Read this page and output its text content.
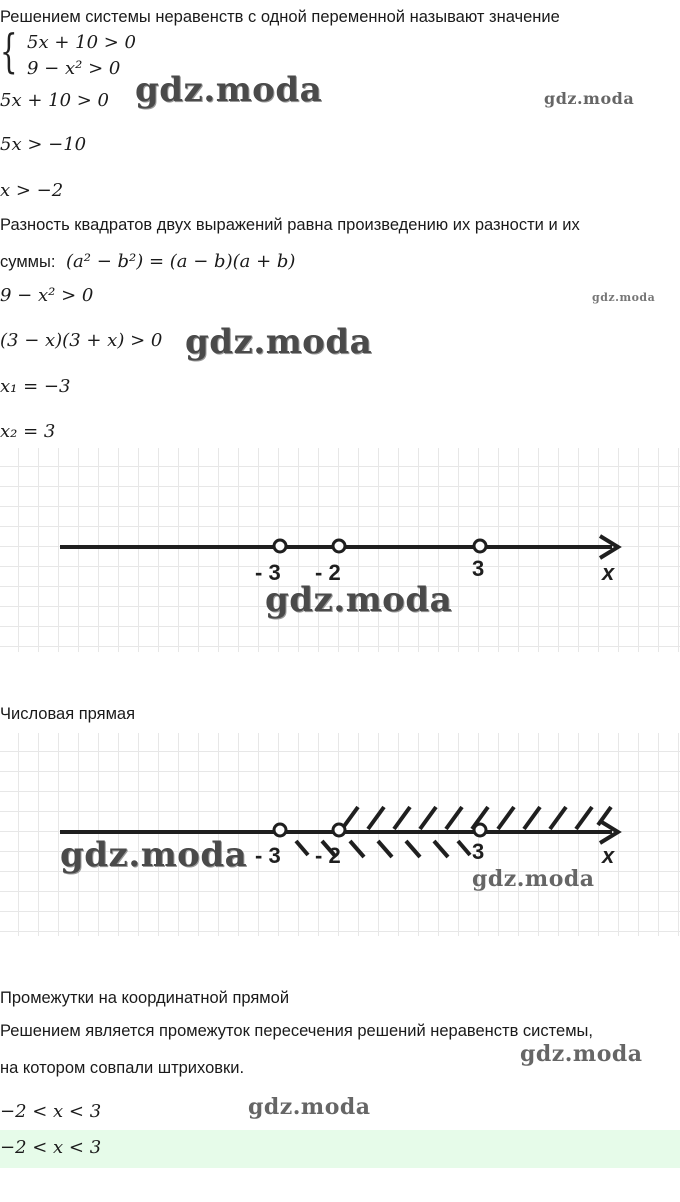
Решением системы неравенств с одной переменной называют значение
{ 5x + 10 > 0
9 − x² > 0
5x + 10 > 0
5x > −10
x > −2
Разность квадратов двух выражений равна произведению их разности и их
суммы: (a² − b²) = (a − b)(a + b)
9 − x² > 0
(3 − x)(3 + x) > 0
x₁ = −3
x₂ = 3
- 3 - 2	3	x
Числовая прямая
- 3 - 2	3	x
Промежутки на координатной прямой
Решением является промежуток пересечения решений неравенств системы,
на котором совпали штриховки.
−2 < x < 3
−2 < x < 3
gdz.moda	gdz.moda
gdz.moda
gdz.moda
gdz.moda
gdz.moda
gdz.moda
gdz.moda
gdz.moda
